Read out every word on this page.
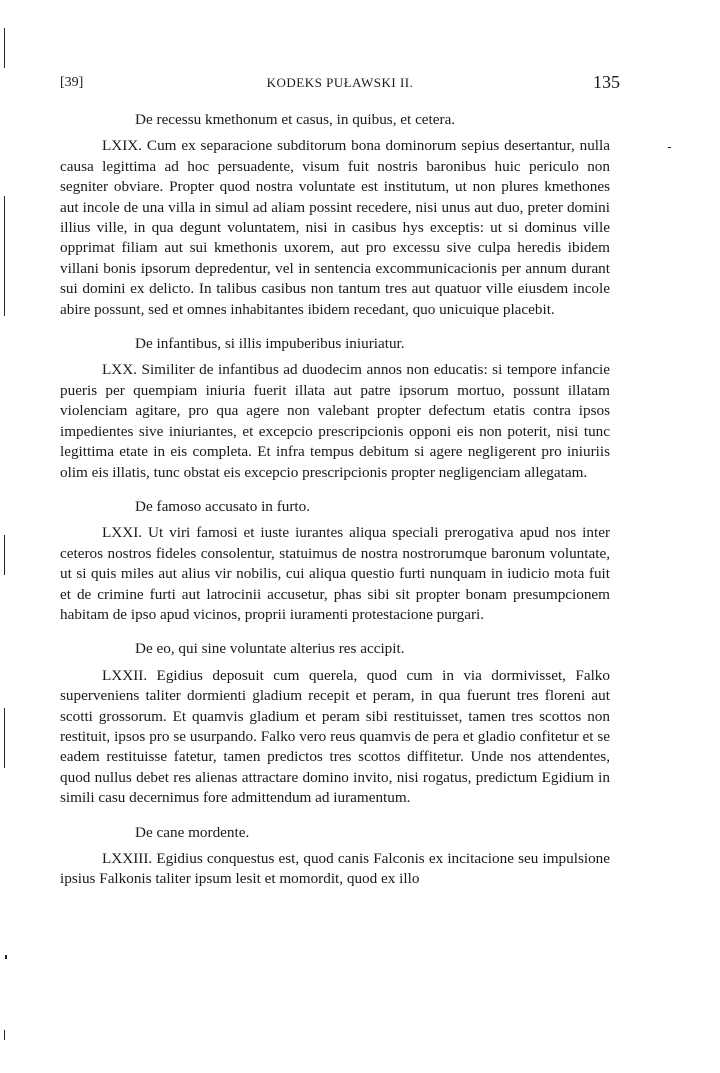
[39]	KODEKS PUŁAWSKI II.	135

De recessu kmethonum et casus, in quibus, et cetera.

LXIX. Cum ex separacione subditorum bona dominorum sepius desertantur, nulla causa legittima ad hoc persuadente, visum fuit nostris baronibus huic periculo non segniter obviare. Propter quod nostra voluntate est institutum, ut non plures kmethones aut incole de una villa in simul ad aliam possint recedere, nisi unus aut duo, preter domini illius ville, in qua degunt voluntatem, nisi in casibus hys exceptis: ut si dominus ville opprimat filiam aut sui kmethonis uxorem, aut pro excessu sive culpa heredis ibidem villani bonis ipsorum depredentur, vel in sentencia excommunicacionis per annum durant sui domini ex delicto. In talibus casibus non tantum tres aut quatuor ville eiusdem incole abire possunt, sed et omnes inhabitantes ibidem recedant, quo unicuique placebit.

De infantibus, si illis impuberibus iniuriatur.

LXX. Similiter de infantibus ad duodecim annos non educatis: si tempore infancie pueris per quempiam iniuria fuerit illata aut patre ipsorum mortuo, possunt illatam violenciam agitare, pro qua agere non valebant propter defectum etatis contra ipsos impedientes sive iniuriantes, et excepcio prescripcionis opponi eis non poterit, nisi tunc legittima etate in eis completa. Et infra tempus debitum si agere negligerent pro iniuriis olim eis illatis, tunc obstat eis excepcio prescripcionis propter negligenciam allegatam.

De famoso accusato in furto.

LXXI. Ut viri famosi et iuste iurantes aliqua speciali prerogativa apud nos inter ceteros nostros fideles consolentur, statuimus de nostra nostrorumque baronum voluntate, ut si quis miles aut alius vir nobilis, cui aliqua questio furti nunquam in iudicio mota fuit et de crimine furti aut latrocinii accusetur, phas sibi sit propter bonam presumpcionem habitam de ipso apud vicinos, proprii iuramenti protestacione purgari.

De eo, qui sine voluntate alterius res accipit.

LXXII. Egidius deposuit cum querela, quod cum in via dormivisset, Falko superveniens taliter dormienti gladium recepit et peram, in qua fuerunt tres floreni aut scotti grossorum. Et quamvis gladium et peram sibi restituisset, tamen tres scottos non restituit, ipsos pro se usurpando. Falko vero reus quamvis de pera et gladio confitetur et se eadem restituisse fatetur, tamen predictos tres scottos diffitetur. Unde nos attendentes, quod nullus debet res alienas attractare domino invito, nisi rogatus, predictum Egidium in simili casu decernimus fore admittendum ad iuramentum.

De cane mordente.

LXXIII. Egidius conquestus est, quod canis Falconis ex incitacione seu impulsione ipsius Falkonis taliter ipsum lesit et momordit, quod ex illo
